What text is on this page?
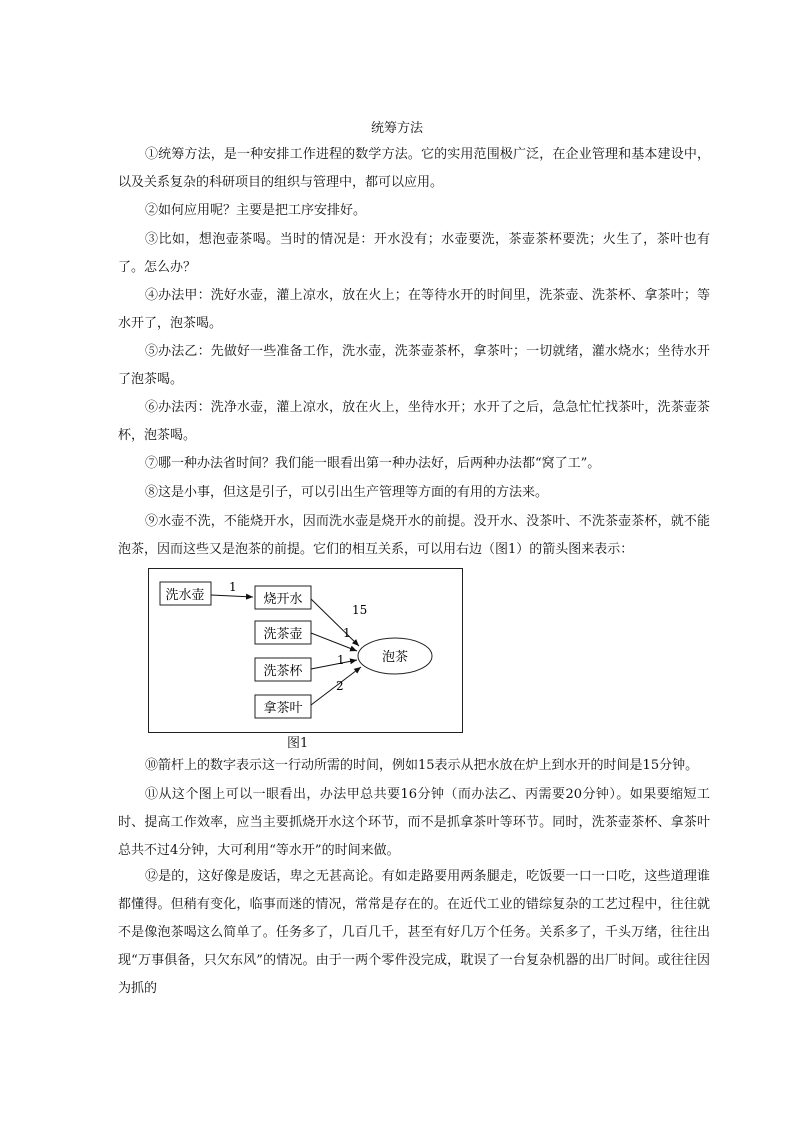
统筹方法

①统筹方法，是一种安排工作进程的数学方法。它的实用范围极广泛，在企业管理和基本建设中，以及关系复杂的科研项目的组织与管理中，都可以应用。

②如何应用呢？主要是把工序安排好。

③比如，想泡壶茶喝。当时的情况是：开水没有；水壶要洗，茶壶茶杯要洗；火生了，茶叶也有了。怎么办？

④办法甲：洗好水壶，灌上凉水，放在火上；在等待水开的时间里，洗茶壶、洗茶杯、拿茶叶；等水开了，泡茶喝。

⑤办法乙：先做好一些准备工作，洗水壶，洗茶壶茶杯，拿茶叶；一切就绪，灌水烧水；坐待水开了泡茶喝。

⑥办法丙：洗净水壶，灌上凉水，放在火上，坐待水开；水开了之后，急急忙忙找茶叶，洗茶壶茶杯，泡茶喝。

⑦哪一种办法省时间？我们能一眼看出第一种办法好，后两种办法都“窝了工”。

⑧这是小事，但这是引子，可以引出生产管理等方面的有用的方法来。

⑨水壶不洗，不能烧开水，因而洗水壶是烧开水的前提。没开水、没茶叶、不洗茶壶茶杯，就不能泡茶，因而这些又是泡茶的前提。它们的相互关系，可以用右边（图1）的箭头图来表示：

洗水壶	烧开水
洗茶壶
洗茶杯
拿茶叶
泡茶
1
15
1
1
2
图1

⑩箭杆上的数字表示这一行动所需的时间，例如15表示从把水放在炉上到水开的时间是15分钟。

⑪从这个图上可以一眼看出，办法甲总共要16分钟（而办法乙、丙需要20分钟）。如果要缩短工时、提高工作效率，应当主要抓烧开水这个环节，而不是抓拿茶叶等环节。同时，洗茶壶茶杯、拿茶叶总共不过4分钟，大可利用“等水开”的时间来做。

⑫是的，这好像是废话，卑之无甚高论。有如走路要用两条腿走，吃饭要一口一口吃，这些道理谁都懂得。但稍有变化，临事而迷的情况，常常是存在的。在近代工业的错综复杂的工艺过程中，往往就不是像泡茶喝这么简单了。任务多了，几百几千，甚至有好几万个任务。关系多了，千头万绪，往往出现“万事俱备，只欠东风”的情况。由于一两个零件没完成，耽误了一台复杂机器的出厂时间。或往往因为抓的
